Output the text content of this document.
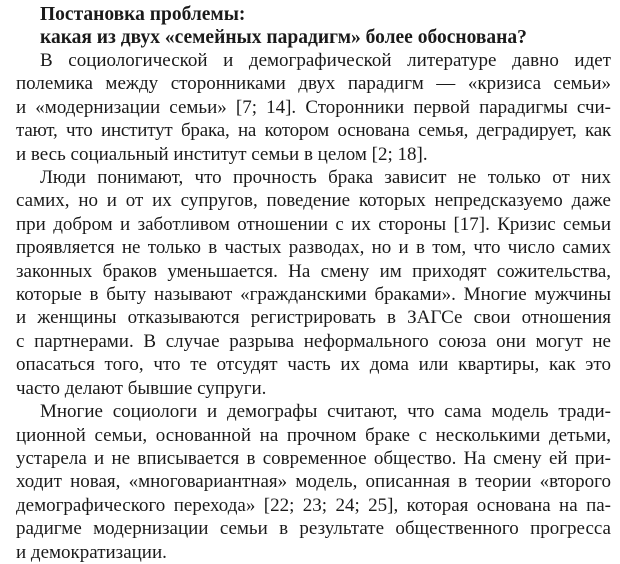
Постановка проблемы:
какая из двух «семейных парадигм» более обоснована?
В социологической и демографической литературе давно идет
полемика между сторонниками двух парадигм — «кризиса семьи»
и «модернизации семьи» [7; 14]. Сторонники первой парадигмы счи-
тают, что институт брака, на котором основана семья, деградирует, как
и весь социальный институт семьи в целом [2; 18].
Люди понимают, что прочность брака зависит не только от них
самих, но и от их супругов, поведение которых непредсказуемо даже
при добром и заботливом отношении с их стороны [17]. Кризис семьи
проявляется не только в частых разводах, но и в том, что число самих
законных браков уменьшается. На смену им приходят сожительства,
которые в быту называют «гражданскими браками». Многие мужчины
и женщины отказываются регистрировать в ЗАГСе свои отношения
с партнерами. В случае разрыва неформального союза они могут не
опасаться того, что те отсудят часть их дома или квартиры, как это
часто делают бывшие супруги.
Многие социологи и демографы считают, что сама модель тради-
ционной семьи, основанной на прочном браке с несколькими детьми,
устарела и не вписывается в современное общество. На смену ей при-
ходит новая, «многовариантная» модель, описанная в теории «второго
демографического перехода» [22; 23; 24; 25], которая основана на па-
радигме модернизации семьи в результате общественного прогресса
и демократизации.
